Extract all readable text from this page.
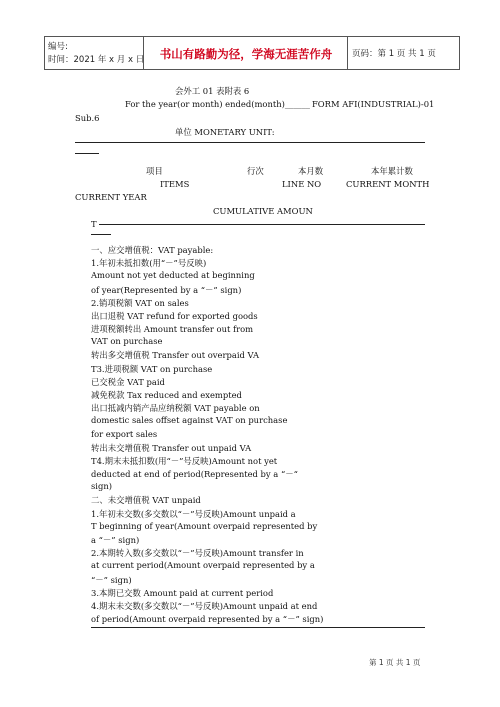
编号:
时间：2021 年 x 月 x 日	书山有路勤为径，学海无涯苦作舟	页码：第 1 页 共 1 页
会外工 01 表附表 6
For the year(or month) ended(month)______ FORM AFI(INDUSTRIAL)-01
Sub.6
单位 MONETARY UNIT:
项目	行次	本月数	本年累计数
ITEMS	LINE NO	CURRENT MONTH
CURRENT YEAR
CUMULATIVE AMOUN
T
一、应交增值税：VAT payable:
1.年初未抵扣数(用“－”号反映)
Amount not yet deducted at beginning
of year(Represented by a “－” sign)
2.销项税额 VAT on sales
出口退税 VAT refund for exported goods
进项税额转出 Amount transfer out from
VAT on purchase
转出多交增值税 Transfer out overpaid VA
T3.进项税额 VAT on purchase
已交税金 VAT paid
减免税款 Tax reduced and exempted
出口抵减内销产品应纳税额 VAT payable on
domestic sales offset against VAT on purchase
for export sales
转出未交增值税 Transfer out unpaid VA
T4.期末未抵扣数(用“－”号反映)Amount not yet
deducted at end of period(Represented by a “－“
sign)
二、未交增值税 VAT unpaid
1.年初未交数(多交数以“－”号反映)Amount unpaid a
T beginning of year(Amount overpaid represented by
a “－” sign)
2.本期转入数(多交数以“－”号反映)Amount transfer in
at current period(Amount overpaid represented by a
“－” sign)
3.本期已交数 Amount paid at current period
4.期末未交数(多交数以“－”号反映)Amount unpaid at end
of period(Amount overpaid represented by a “－” sign)
第 1 页 共 1 页
